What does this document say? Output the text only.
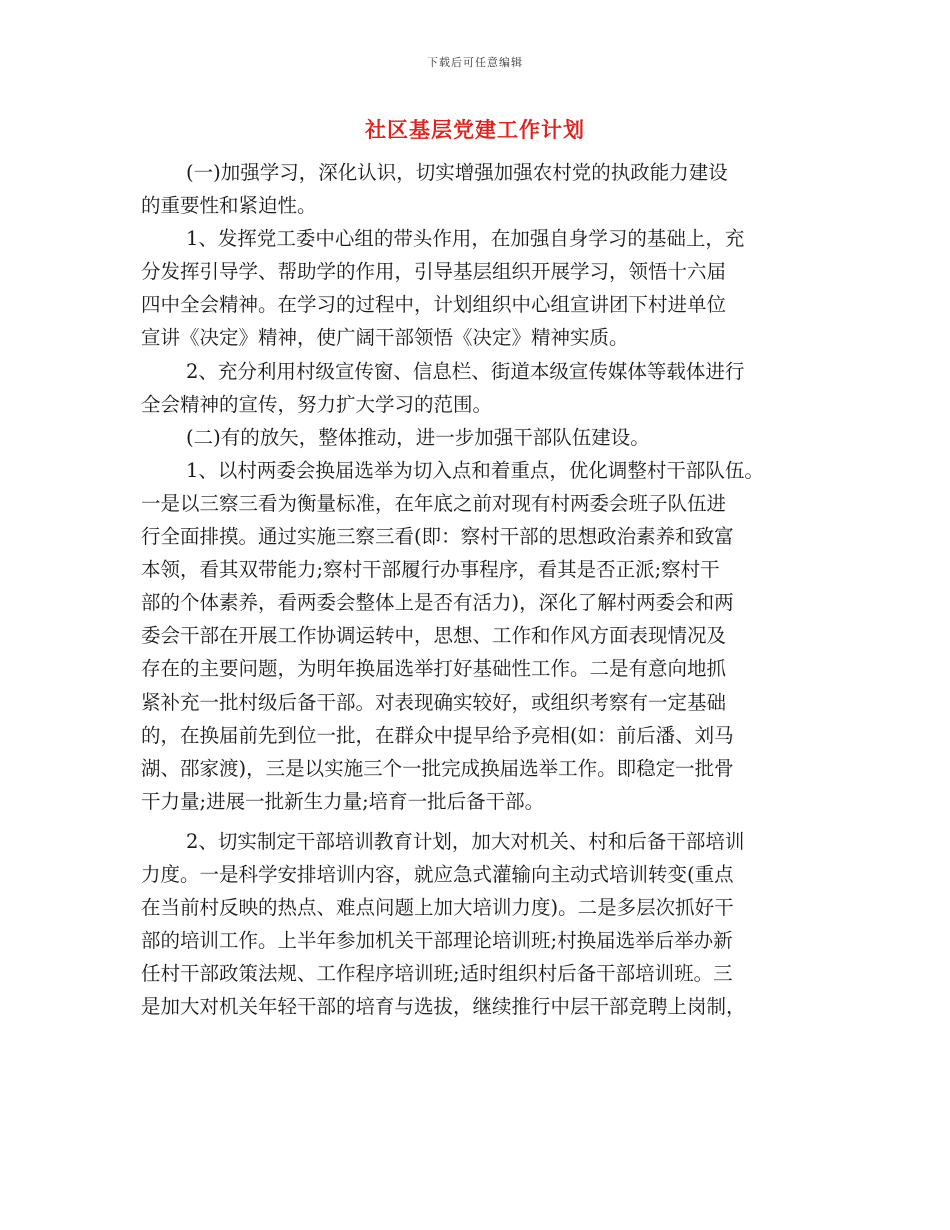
下载后可任意编辑
社区基层党建工作计划
(一)加强学习，深化认识，切实增强加强农村党的执政能力建设
的重要性和紧迫性。
1、发挥党工委中心组的带头作用，在加强自身学习的基础上，充
分发挥引导学、帮助学的作用，引导基层组织开展学习，领悟十六届
四中全会精神。在学习的过程中，计划组织中心组宣讲团下村进单位
宣讲《决定》精神，使广阔干部领悟《决定》精神实质。
2、充分利用村级宣传窗、信息栏、街道本级宣传媒体等载体进行
全会精神的宣传，努力扩大学习的范围。
(二)有的放矢，整体推动，进一步加强干部队伍建设。
1、以村两委会换届选举为切入点和着重点，优化调整村干部队伍。
一是以三察三看为衡量标准，在年底之前对现有村两委会班子队伍进
行全面排摸。通过实施三察三看(即：察村干部的思想政治素养和致富
本领，看其双带能力;察村干部履行办事程序，看其是否正派;察村干
部的个体素养，看两委会整体上是否有活力)，深化了解村两委会和两
委会干部在开展工作协调运转中，思想、工作和作风方面表现情况及
存在的主要问题，为明年换届选举打好基础性工作。二是有意向地抓
紧补充一批村级后备干部。对表现确实较好，或组织考察有一定基础
的，在换届前先到位一批，在群众中提早给予亮相(如：前后潘、刘马
湖、邵家渡)，三是以实施三个一批完成换届选举工作。即稳定一批骨
干力量;进展一批新生力量;培育一批后备干部。
2、切实制定干部培训教育计划，加大对机关、村和后备干部培训
力度。一是科学安排培训内容，就应急式灌输向主动式培训转变(重点
在当前村反映的热点、难点问题上加大培训力度)。二是多层次抓好干
部的培训工作。上半年参加机关干部理论培训班;村换届选举后举办新
任村干部政策法规、工作程序培训班;适时组织村后备干部培训班。三
是加大对机关年轻干部的培育与选拔，继续推行中层干部竞聘上岗制，
